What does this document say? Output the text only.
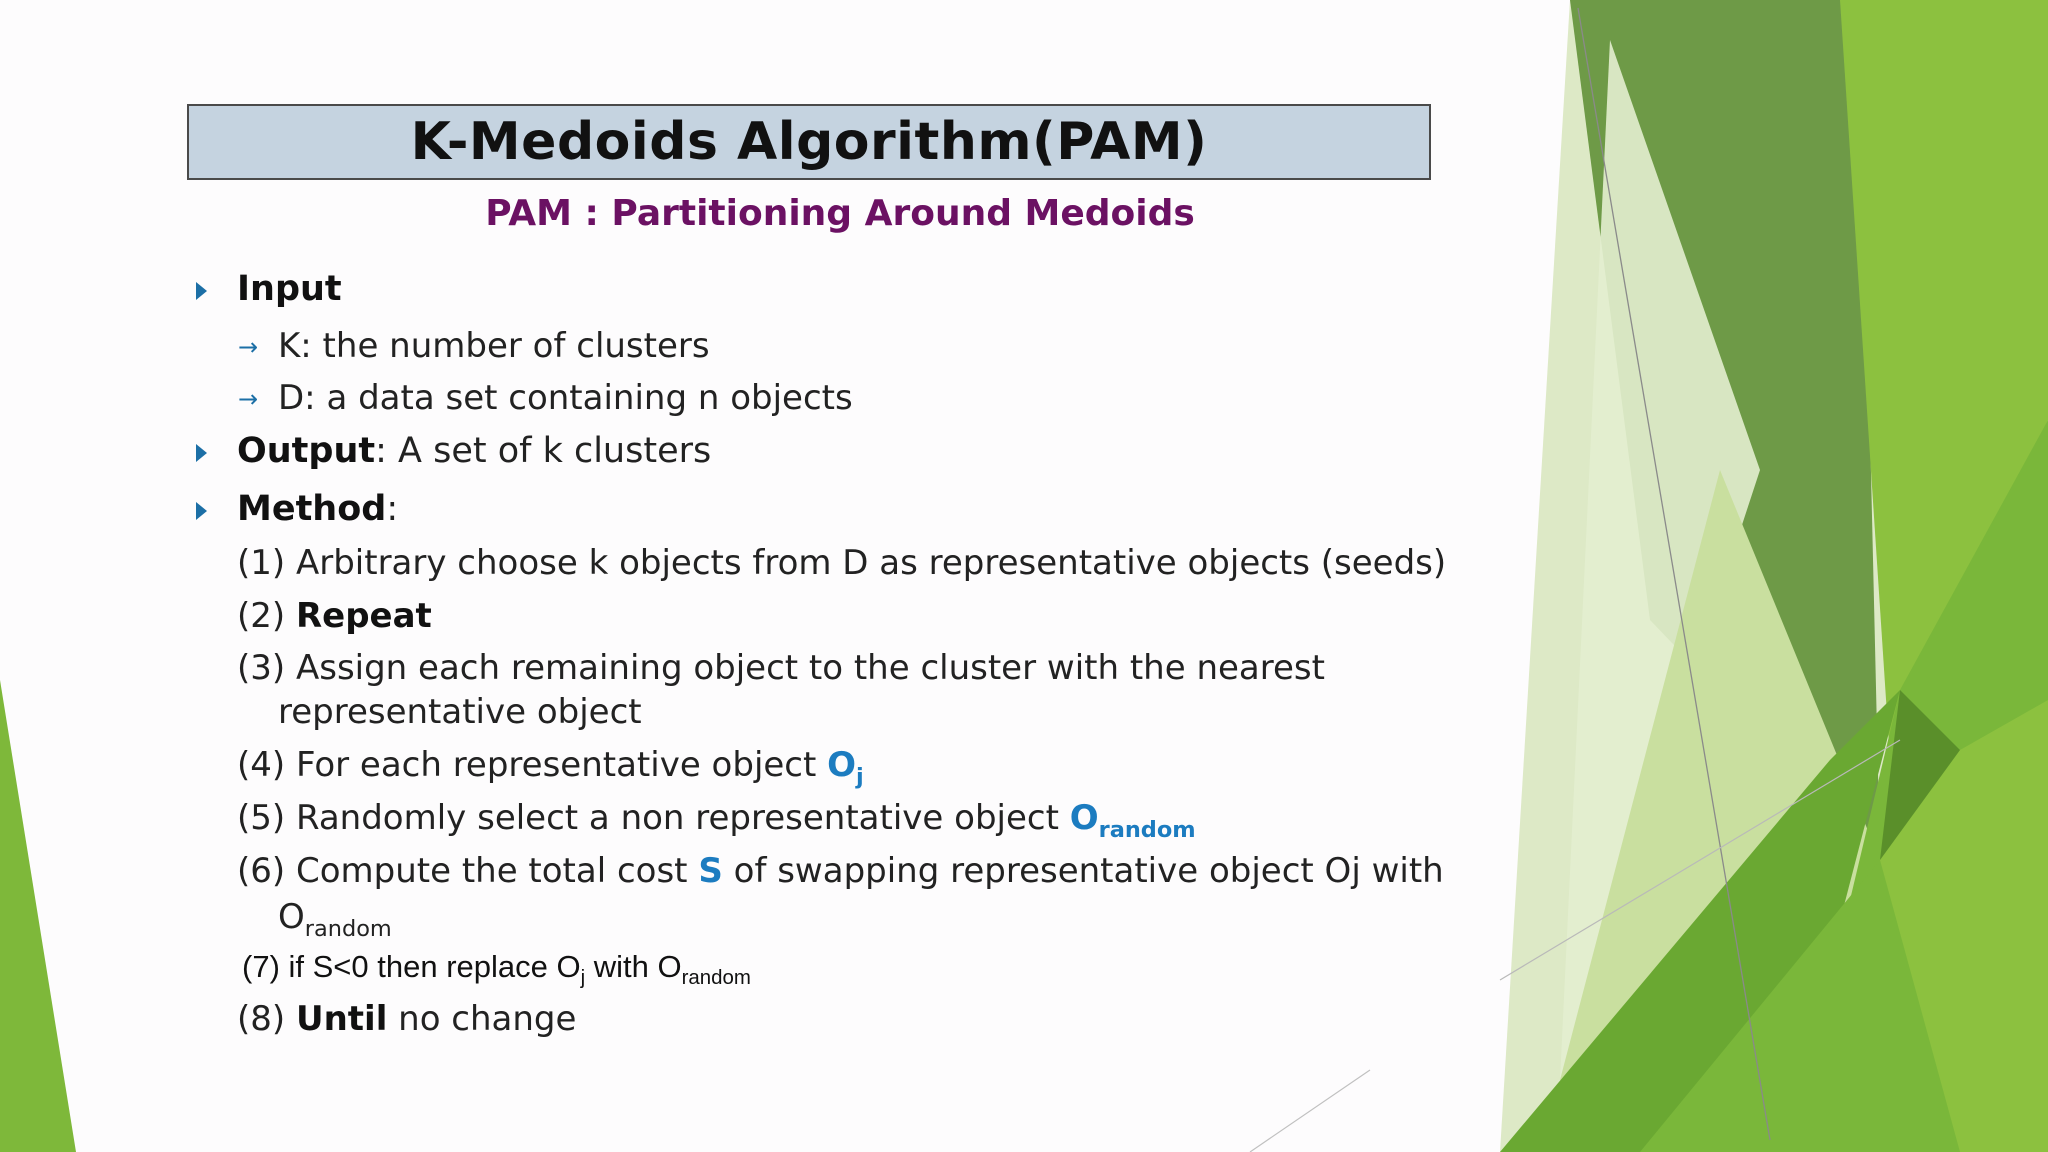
K-Medoids Algorithm(PAM)
PAM : Partitioning Around Medoids
Input
→ K: the number of clusters
→ D: a data set containing n objects
Output: A set of k clusters
Method:
(1) Arbitrary choose k objects from D as representative objects (seeds)
(2) Repeat
(3) Assign each remaining object to the cluster with the nearest
representative object
(4) For each representative object $O_j$
(5) Randomly select a non representative object $O_{random}$
(6) Compute the total cost S of swapping representative object Oj with
$O_{random}$
(7) if S<0 then replace $O_j$ with $O_{random}$
(8) Until no change
